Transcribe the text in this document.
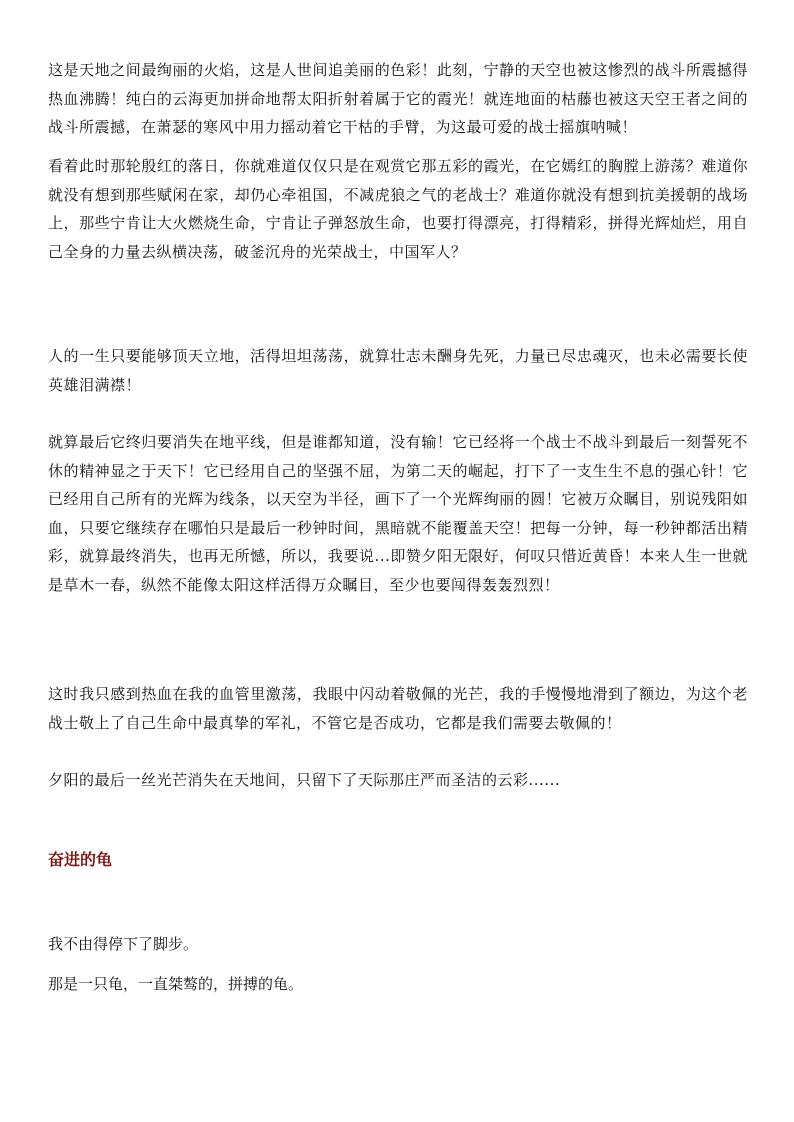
这是天地之间最绚丽的火焰，这是人世间追美丽的色彩！此刻，宁静的天空也被这惨烈的战斗所震撼得热血沸腾！纯白的云海更加拼命地帮太阳折射着属于它的霞光！就连地面的枯藤也被这天空王者之间的战斗所震撼，在萧瑟的寒风中用力摇动着它干枯的手臂，为这最可爱的战士摇旗呐喊！

看着此时那轮殷红的落日，你就难道仅仅只是在观赏它那五彩的霞光，在它嫣红的胸膛上游荡？难道你就没有想到那些赋闲在家，却仍心牵祖国，不减虎狼之气的老战士？难道你就没有想到抗美援朝的战场上，那些宁肯让大火燃烧生命，宁肯让子弹怒放生命，也要打得漂亮，打得精彩，拼得光辉灿烂，用自己全身的力量去纵横决荡，破釜沉舟的光荣战士，中国军人？

人的一生只要能够顶天立地，活得坦坦荡荡，就算壮志未酬身先死，力量已尽忠魂灭，也未必需要长使英雄泪满襟！

就算最后它终归要消失在地平线，但是谁都知道，没有输！它已经将一个战士不战斗到最后一刻誓死不休的精神显之于天下！它已经用自己的坚强不屈，为第二天的崛起，打下了一支生生不息的强心针！它已经用自己所有的光辉为线条，以天空为半径，画下了一个光辉绚丽的圆！它被万众瞩目，别说残阳如血，只要它继续存在哪怕只是最后一秒钟时间，黑暗就不能覆盖天空！把每一分钟，每一秒钟都活出精彩，就算最终消失，也再无所憾，所以，我要说...即赞夕阳无限好，何叹只惜近黄昏！本来人生一世就是草木一春，纵然不能像太阳这样活得万众瞩目，至少也要闯得轰轰烈烈！

这时我只感到热血在我的血管里激荡，我眼中闪动着敬佩的光芒，我的手慢慢地滑到了额边，为这个老战士敬上了自己生命中最真挚的军礼，不管它是否成功，它都是我们需要去敬佩的！

夕阳的最后一丝光芒消失在天地间，只留下了天际那庄严而圣洁的云彩......

奋进的龟

我不由得停下了脚步。

那是一只龟，一直桀骜的，拼搏的龟。
